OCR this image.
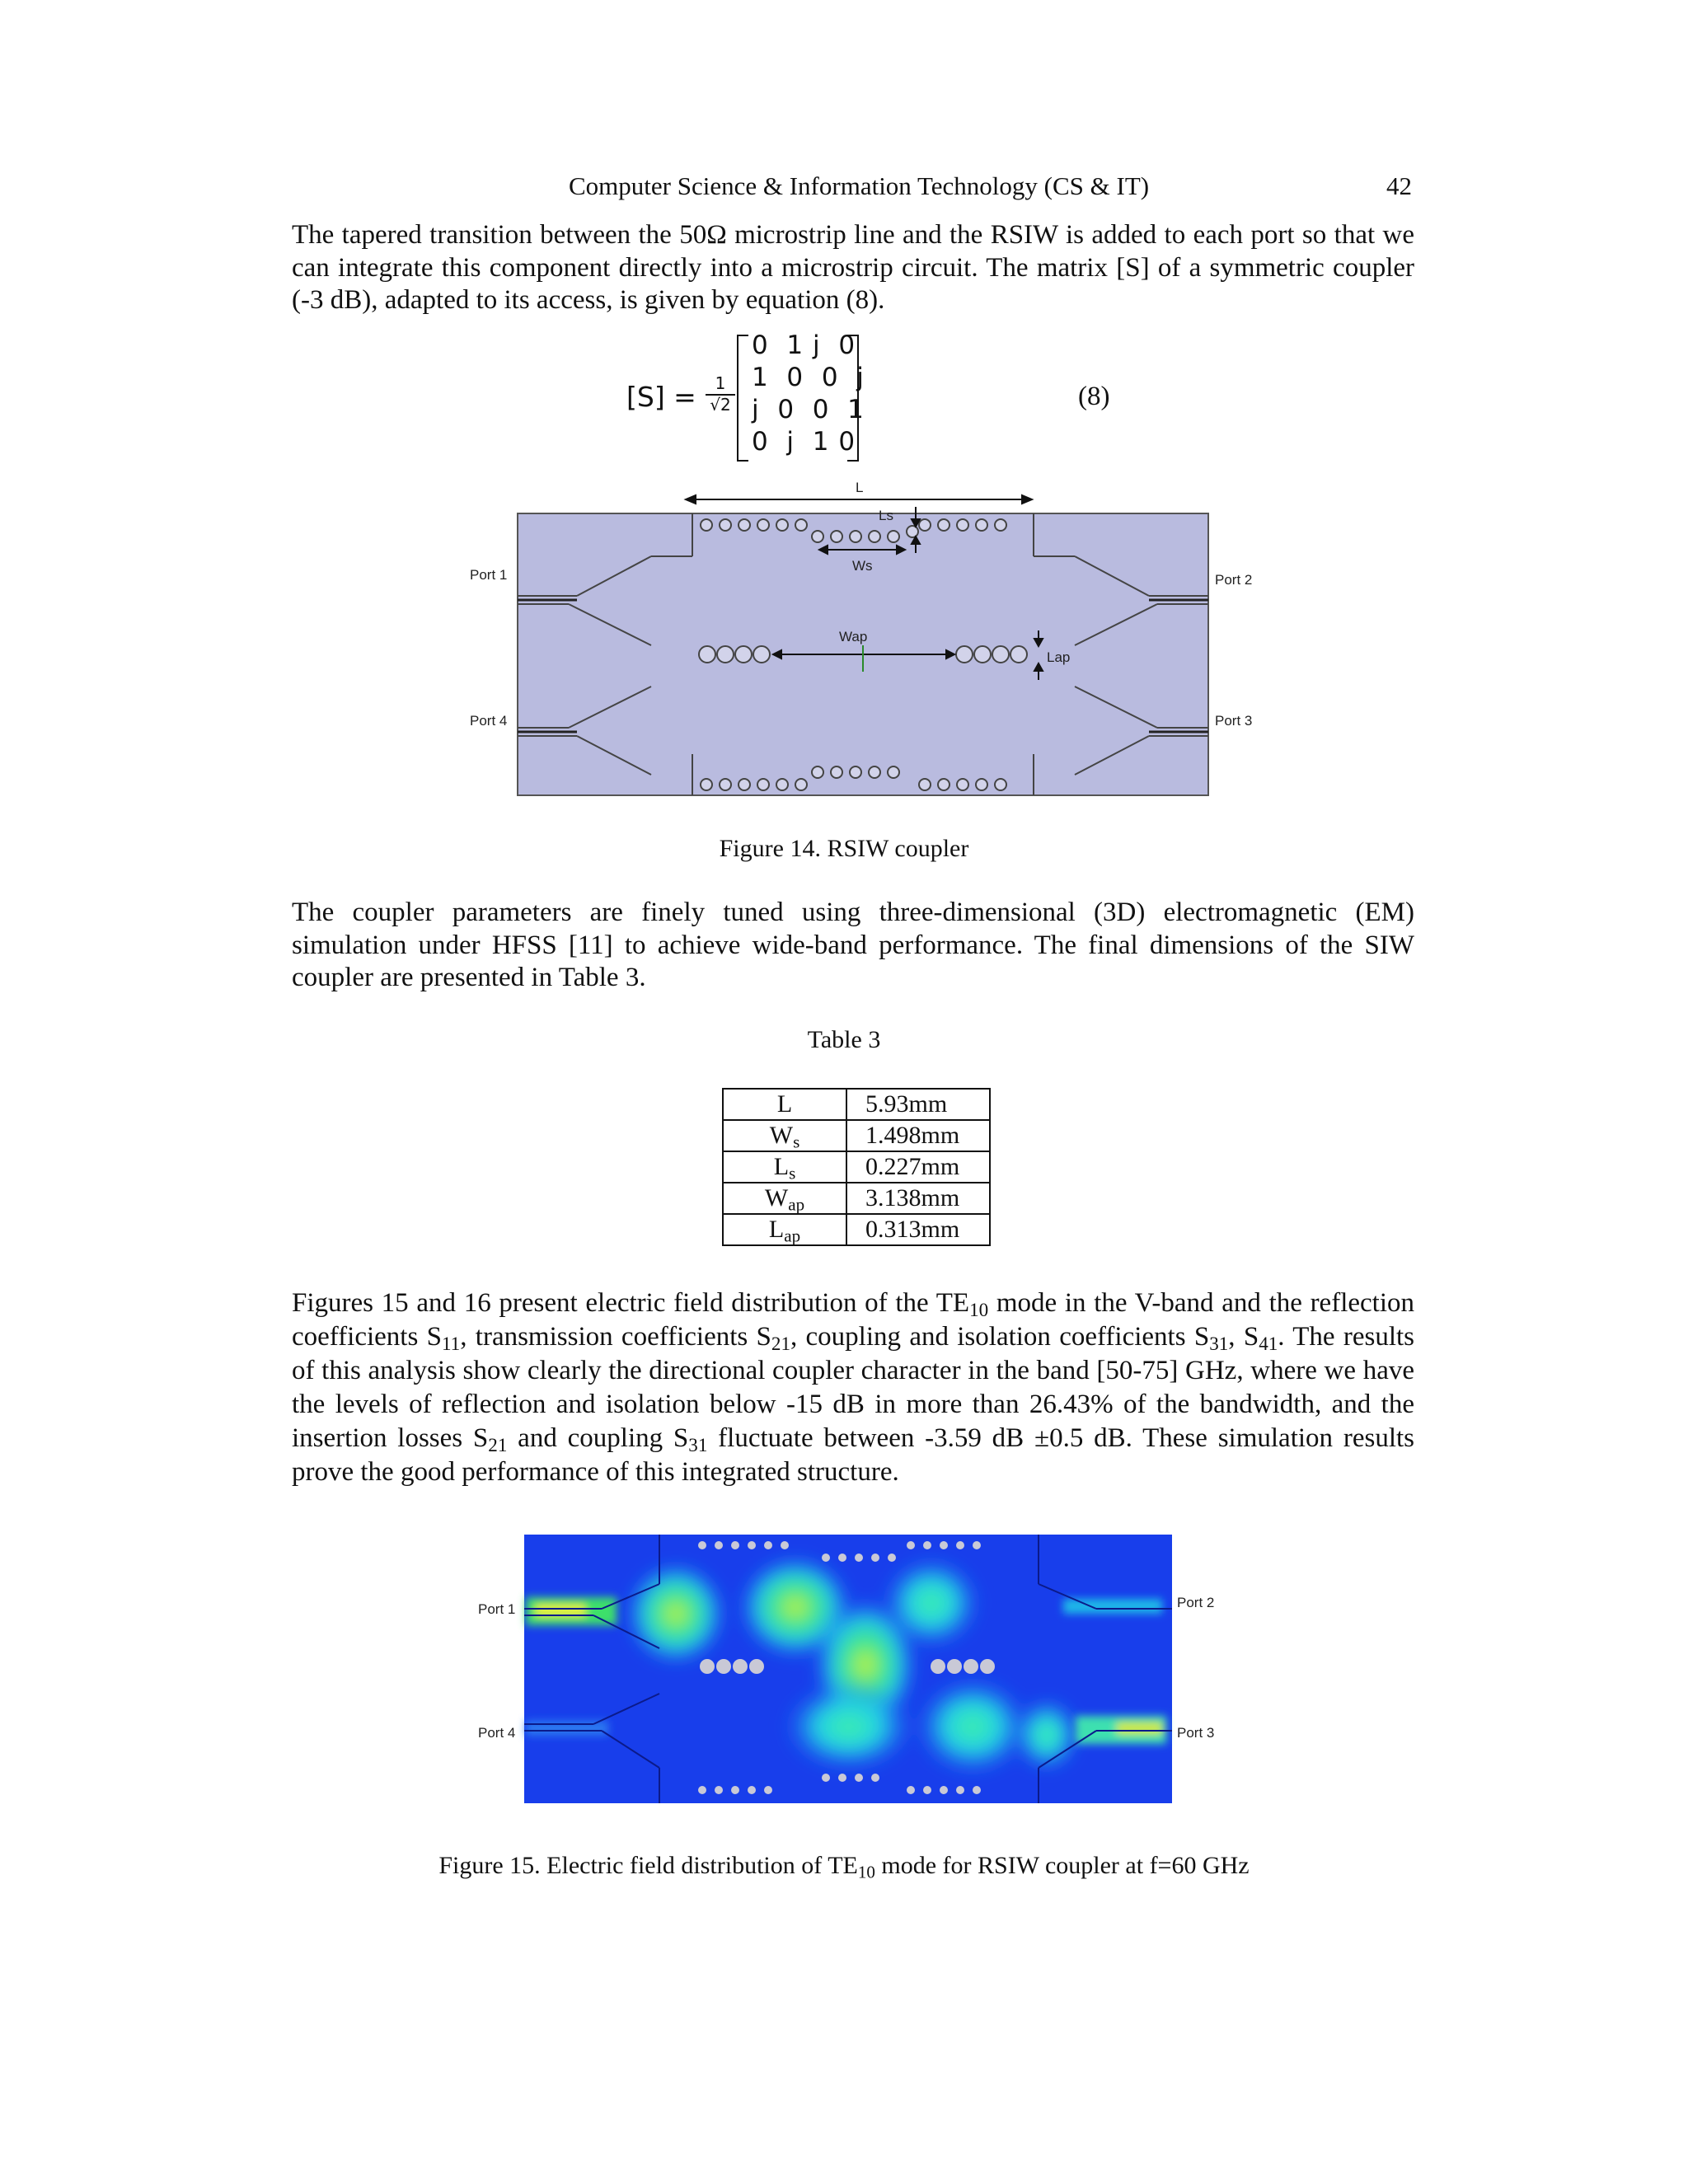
Computer Science & Information Technology (CS & IT)	42

The tapered transition between the 50Ω microstrip line and the RSIW is added to each port so that we can integrate this component directly into a microstrip circuit. The matrix [S] of a symmetric coupler (-3 dB), adapted to its access, is given by equation (8).

$[S] = \frac{1}{√2}$
0  1 j  0
1  0  0  j
j  0  0  1
0  j  1 0
(8)
L
Ls
Ws
Wap
Lap
Port 1	Port 2
Port 3
Port 4
Figure 14. RSIW coupler

The coupler parameters are finely tuned using three-dimensional (3D) electromagnetic (EM) simulation under HFSS [11] to achieve wide-band performance. The final dimensions of the SIW coupler are presented in Table 3.

Table 3
L	5.93mm
$W_s$	1.498mm
$L_s$	0.227mm
$W_{ap}$	3.138mm
$L_{ap}$	0.313mm

Figures 15 and 16 present electric field distribution of the $TE_{10}$ mode in the V-band and the reflection coefficients $S_{11}$, transmission coefficients $S_{21}$, coupling and isolation coefficients $S_{31}$, $S_{41}$. The results of this analysis show clearly the directional coupler character in the band [50-75] GHz, where we have the levels of reflection and isolation below -15 dB in more than 26.43% of the bandwidth, and the insertion losses $S_{21}$ and coupling $S_{31}$ fluctuate between -3.59 dB ±0.5 dB. These simulation results prove the good performance of this integrated structure.

Port 1	Port 2
Port 3
Port 4
Figure 15. Electric field distribution of $TE_{10}$ mode for RSIW coupler at f=60 GHz
